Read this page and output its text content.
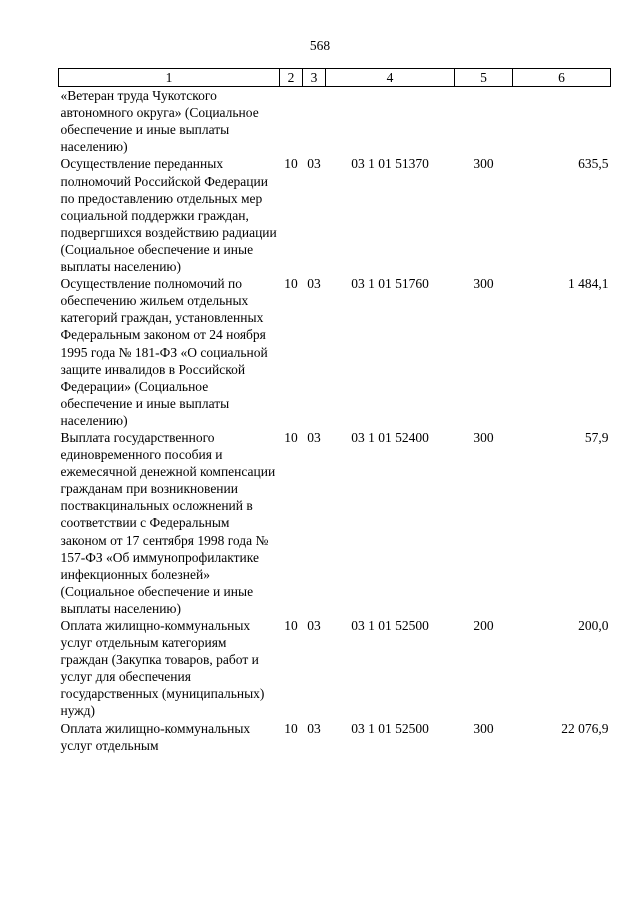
568
1	2	3	4	5	6
«Ветеран труда Чукотского автономного округа» (Социальное обеспечение и иные выплаты населению)					
Осуществление переданных полномочий Российской Федерации по предоставлению отдельных мер социальной поддержки граждан, подвергшихся воздействию радиации (Социальное обеспечение и иные выплаты населению)	10	03	03 1 01 51370	300	635,5
Осуществление полномочий по обеспечению жильем отдельных категорий граждан, установленных Федеральным законом от 24 ноября 1995 года № 181-ФЗ «О социальной защите инвалидов в Российской Федерации» (Социальное обеспечение и иные выплаты населению)	10	03	03 1 01 51760	300	1 484,1
Выплата государственного единовременного пособия и ежемесячной денежной компенсации гражданам при возникновении поствакцинальных осложнений в соответствии с Федеральным законом от 17 сентября 1998 года № 157-ФЗ «Об иммунопрофилактике инфекционных болезней» (Социальное обеспечение и иные выплаты населению)	10	03	03 1 01 52400	300	57,9
Оплата жилищно-коммунальных услуг отдельным категориям граждан (Закупка товаров, работ и услуг для обеспечения государственных (муниципальных) нужд)	10	03	03 1 01 52500	200	200,0
Оплата жилищно-коммунальных услуг отдельным	10	03	03 1 01 52500	300	22 076,9
